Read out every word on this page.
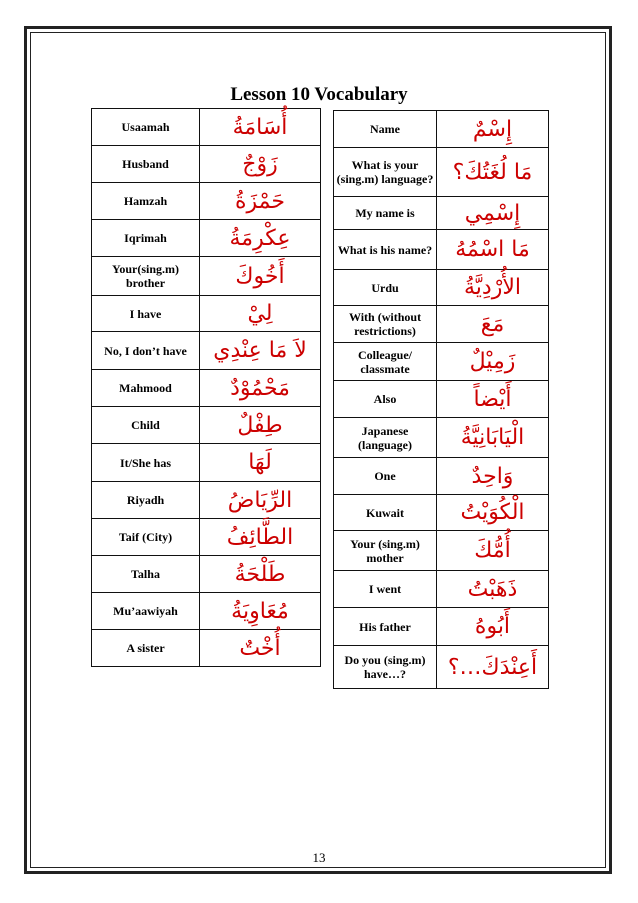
Lesson 10 Vocabulary
Usaamah	أُسَامَةُ
Husband	زَوْجٌ
Hamzah	حَمْزَةُ
Iqrimah	عِكْرِمَةُ
Your(sing.m) brother	أَخُوكَ
I have	لِيْ
No, I don’t have	لاَ مَا عِنْدِي
Mahmood	مَحْمُوْدٌ
Child	طِفْلٌ
It/She has	لَهَا
Riyadh	الرِّيَاضُ
Taif (City)	الطَّائِفُ
Talha	طَلْحَةُ
Mu’aawiyah	مُعَاوِيَةُ
A sister	أُخْتٌ
Name	إِسْمٌ
What is your (sing.m) language?	مَا لُغَتُكَ؟
My name is	إِسْمِي
What is his name?	مَا اسْمُهُ
Urdu	الأُرْدِيَّةُ
With (without restrictions)	مَعَ
Colleague/ classmate	زَمِيْلٌ
Also	أَيْضاً
Japanese (language)	الْيَابَانِيَّةُ
One	وَاحِدٌ
Kuwait	الْكُوَيْتُ
Your (sing.m) mother	أُمُّكَ
I went	ذَهَبْتُ
His father	أَبُوهُ
Do you (sing.m) have…?	أَعِنْدَكَ…؟
13
